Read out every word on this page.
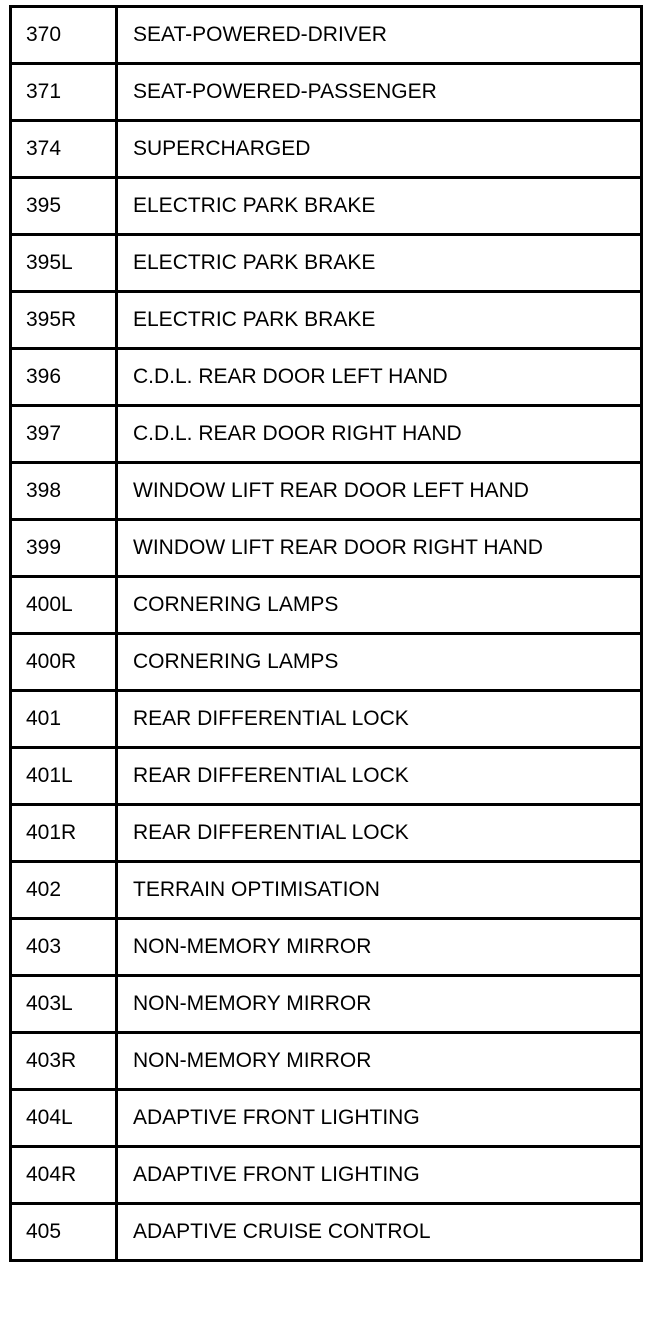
370	SEAT-POWERED-DRIVER
371	SEAT-POWERED-PASSENGER
374	SUPERCHARGED
395	ELECTRIC PARK BRAKE
395L	ELECTRIC PARK BRAKE
395R	ELECTRIC PARK BRAKE
396	C.D.L. REAR DOOR LEFT HAND
397	C.D.L. REAR DOOR RIGHT HAND
398	WINDOW LIFT REAR DOOR LEFT HAND
399	WINDOW LIFT REAR DOOR RIGHT HAND
400L	CORNERING LAMPS
400R	CORNERING LAMPS
401	REAR DIFFERENTIAL LOCK
401L	REAR DIFFERENTIAL LOCK
401R	REAR DIFFERENTIAL LOCK
402	TERRAIN OPTIMISATION
403	NON-MEMORY MIRROR
403L	NON-MEMORY MIRROR
403R	NON-MEMORY MIRROR
404L	ADAPTIVE FRONT LIGHTING
404R	ADAPTIVE FRONT LIGHTING
405	ADAPTIVE CRUISE CONTROL
